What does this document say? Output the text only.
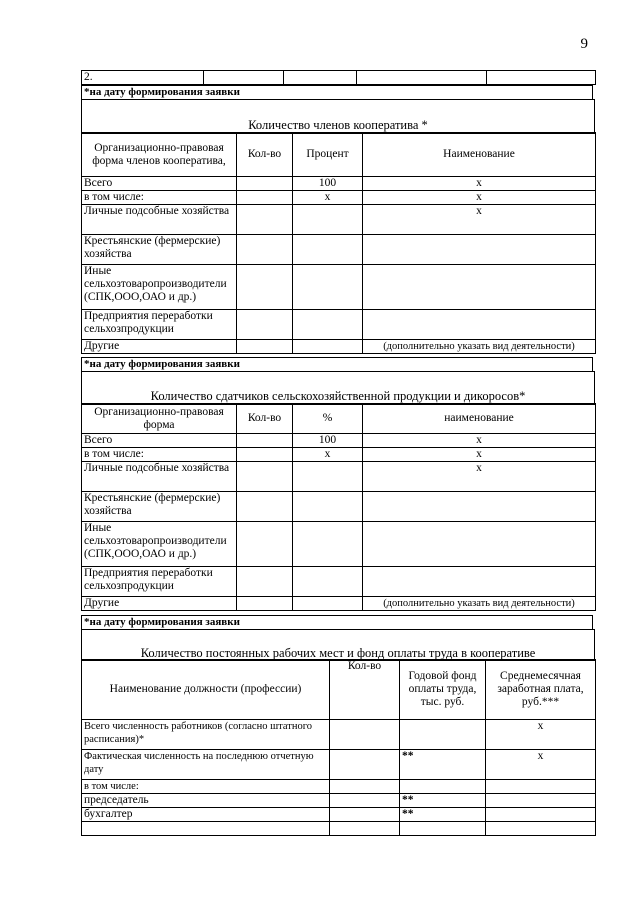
9
2.				
*на дату формирования заявки
Количество членов кооператива *
Организационно-правовая форма членов кооператива,	Кол-во	Процент	Наименование
Всего		100	x
в том числе:		x	x
Личные подсобные хозяйства			x
Крестьянские (фермерские) хозяйства			
Иные сельхозтоваропроизводители (СПК,ООО,ОАО и др.)			
Предприятия переработки сельхозпродукции			
Другие			(дополнительно указать вид деятельности)
*на дату формирования заявки
Количество сдатчиков сельскохозяйственной продукции и дикоросов*
Организационно-правовая форма	Кол-во	%	наименование
Всего		100	x
в том числе:		x	x
Личные подсобные хозяйства			x
Крестьянские (фермерские) хозяйства			
Иные сельхозтоваропроизводители (СПК,ООО,ОАО и др.)			
Предприятия переработки сельхозпродукции			
Другие			(дополнительно указать вид деятельности)
*на дату формирования заявки
Количество постоянных рабочих мест и фонд оплаты труда в кооперативе
Наименование должности (профессии)	Кол-во	Годовой фонд оплаты труда, тыс. руб.	Среднемесячная заработная плата, руб.***
Всего численность работников (согласно штатного расписания)*			x
Фактическая численность на последнюю отчетную дату		**	x
в том числе:			
председатель		**	
бухгалтер		**	
